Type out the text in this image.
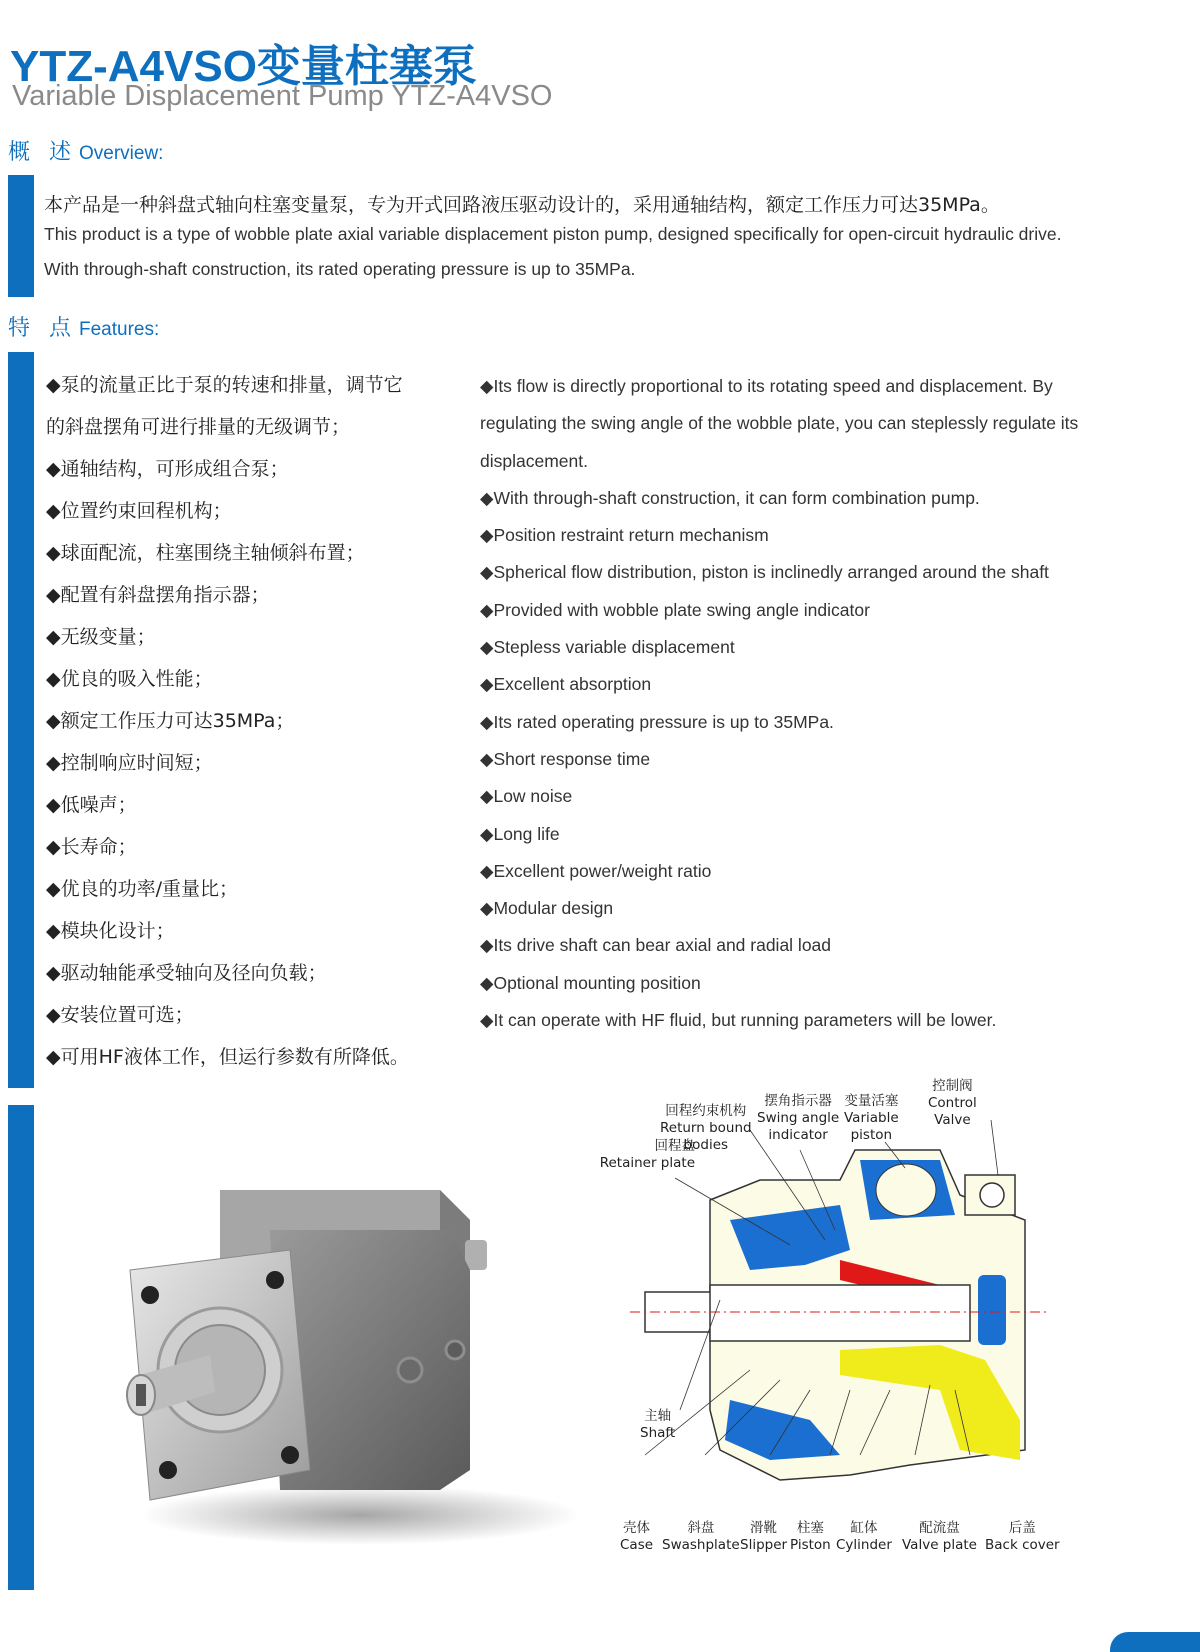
YTZ-A4VSO变量柱塞泵
Variable Displacement Pump YTZ-A4VSO
概 述 Overview:
本产品是一种斜盘式轴向柱塞变量泵，专为开式回路液压驱动设计的，采用通轴结构，额定工作压力可达35MPa。
This product is a type of wobble plate axial variable displacement piston pump, designed specifically for open-circuit hydraulic drive.
With through-shaft construction, its rated operating pressure is up to 35MPa.
特 点 Features:
◆泵的流量正比于泵的转速和排量，调节它
的斜盘摆角可进行排量的无级调节；
◆通轴结构，可形成组合泵；
◆位置约束回程机构；
◆球面配流，柱塞围绕主轴倾斜布置；
◆配置有斜盘摆角指示器；
◆无级变量；
◆优良的吸入性能；
◆额定工作压力可达35MPa；
◆控制响应时间短；
◆低噪声；
◆长寿命；
◆优良的功率/重量比；
◆模块化设计；
◆驱动轴能承受轴向及径向负载；
◆安装位置可选；
◆可用HF液体工作，但运行参数有所降低。
◆Its flow is directly proportional to its rotating speed and displacement. By
regulating the swing angle of the wobble plate, you can steplessly regulate its
displacement.
◆With through-shaft construction, it can form combination pump.
◆Position restraint return mechanism
◆Spherical flow distribution, piston is inclinedly arranged around the shaft
◆Provided with wobble plate swing angle indicator
◆Stepless variable displacement
◆Excellent absorption
◆Its rated operating pressure is up to 35MPa.
◆Short response time
◆Low noise
◆Long life
◆Excellent power/weight ratio
◆Modular design
◆Its drive shaft can bear axial and radial load
◆Optional mounting position
◆It can operate with HF fluid, but running parameters will be lower.
控制阀
Control
Valve
变量活塞
Variable
piston
摆角指示器
Swing angle
indicator
回程约束机构
Return bound
bodies
回程盘
Retainer plate
主轴
Shaft
壳体
Case
斜盘
Swashplate
滑靴
Slipper
柱塞
Piston
缸体
Cylinder
配流盘
Valve plate
后盖
Back cover
